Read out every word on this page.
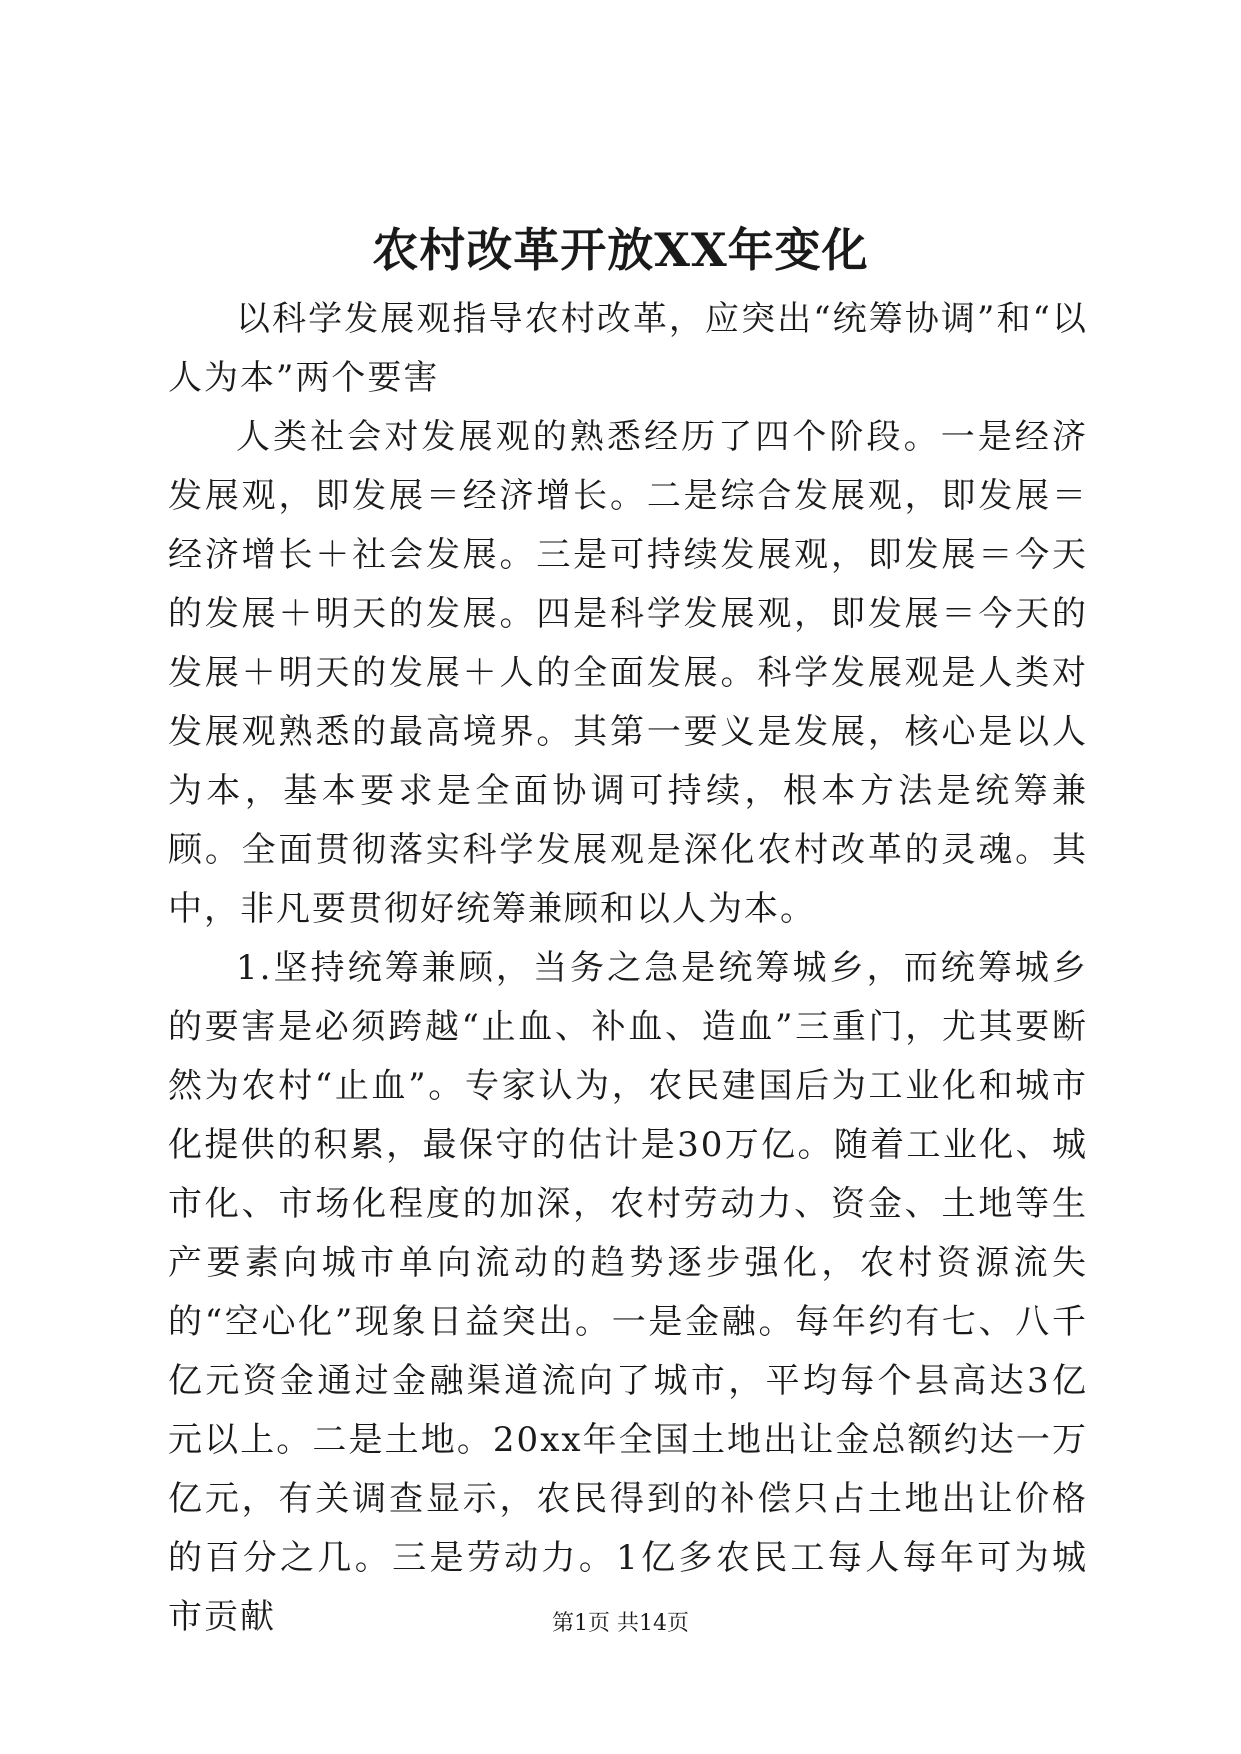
农村改革开放XX年变化

以科学发展观指导农村改革，应突出“统筹协调”和“以人为本”两个要害

人类社会对发展观的熟悉经历了四个阶段。一是经济发展观，即发展＝经济增长。二是综合发展观，即发展＝经济增长＋社会发展。三是可持续发展观，即发展＝今天的发展＋明天的发展。四是科学发展观，即发展＝今天的发展＋明天的发展＋人的全面发展。科学发展观是人类对发展观熟悉的最高境界。其第一要义是发展，核心是以人为本，基本要求是全面协调可持续，根本方法是统筹兼顾。全面贯彻落实科学发展观是深化农村改革的灵魂。其中，非凡要贯彻好统筹兼顾和以人为本。

1.坚持统筹兼顾，当务之急是统筹城乡，而统筹城乡的要害是必须跨越“止血、补血、造血”三重门，尤其要断然为农村“止血”。专家认为，农民建国后为工业化和城市化提供的积累，最保守的估计是30万亿。随着工业化、城市化、市场化程度的加深，农村劳动力、资金、土地等生产要素向城市单向流动的趋势逐步强化，农村资源流失的“空心化”现象日益突出。一是金融。每年约有七、八千亿元资金通过金融渠道流向了城市，平均每个县高达3亿元以上。二是土地。20xx年全国土地出让金总额约达一万亿元，有关调查显示，农民得到的补偿只占土地出让价格的百分之几。三是劳动力。1亿多农民工每人每年可为城市贡献	第1页 共14页
